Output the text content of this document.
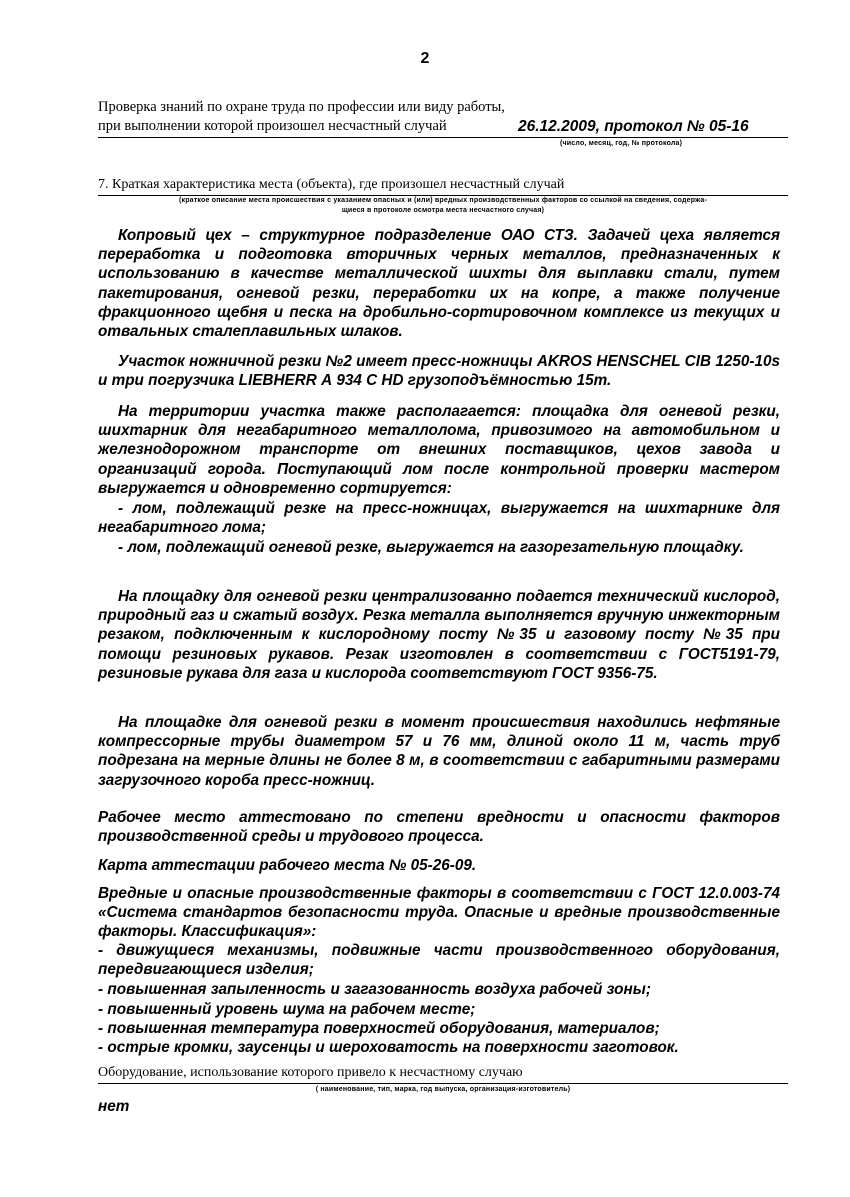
2
Проверка знаний по охране труда по профессии или виду работы,
при выполнении которой произошел несчастный случай	26.12.2009, протокол № 05-16
(число, месяц, год, № протокола)
7. Краткая характеристика места (объекта), где произошел несчастный случай
(краткое описание места происшествия с указанием опасных и (или) вредных производственных факторов со ссылкой на сведения, содержа-
щиеся в протоколе осмотра места несчастного случая)
Копровый цех – структурное подразделение ОАО СТЗ. Задачей цеха является переработка и подготовка вторичных черных металлов, предназначенных к использованию в качестве металлической шихты для выплавки стали, путем пакетирования, огневой резки, переработки их на копре, а также получение фракционного щебня и песка на дробильно-сортировочном комплексе из текущих и отвальных сталеплавильных шлаков.
Участок ножничной резки №2 имеет пресс-ножницы AKROS HENSCHEL CIB 1250-10s и три погрузчика LIEBHERR А 934 С HD грузоподъёмностью 15т.
На территории участка также располагается: площадка для огневой резки, шихтарник для негабаритного металлолома, привозимого на автомобильном и железнодорожном транспорте от внешних поставщиков, цехов завода и организаций города. Поступающий лом после контрольной проверки мастером выгружается и одновременно сортируется:
- лом, подлежащий резке на пресс-ножницах, выгружается на шихтарнике для негабаритного лома;
- лом, подлежащий огневой резке, выгружается на газорезательную площадку.
На площадку для огневой резки централизованно подается технический кислород, природный газ и сжатый воздух. Резка металла выполняется вручную инжекторным резаком, подключенным к кислородному посту №35 и газовому посту №35 при помощи резиновых рукавов. Резак изготовлен в соответствии с ГОСТ5191-79, резиновые рукава для газа и кислорода соответствуют ГОСТ 9356-75.
На площадке для огневой резки в момент происшествия находились нефтяные компрессорные трубы диаметром 57 и 76 мм, длиной около 11 м, часть труб подрезана на мерные длины не более 8 м, в соответствии с габаритными размерами загрузочного короба пресс-ножниц.
Рабочее место аттестовано по степени вредности и опасности факторов производственной среды и трудового процесса.
Карта аттестации рабочего места № 05-26-09.
Вредные и опасные производственные факторы в соответствии с ГОСТ 12.0.003-74 «Система стандартов безопасности труда. Опасные и вредные производственные факторы. Классификация»:
- движущиеся механизмы, подвижные части производственного оборудования, передвигающиеся изделия;
- повышенная запыленность и загазованность воздуха рабочей зоны;
- повышенный уровень шума на рабочем месте;
- повышенная температура поверхностей оборудования, материалов;
- острые кромки, заусенцы и шероховатость на поверхности заготовок.
Оборудование, использование которого привело к несчастному случаю
( наименование, тип, марка, год выпуска, организация-изготовитель)
нет
